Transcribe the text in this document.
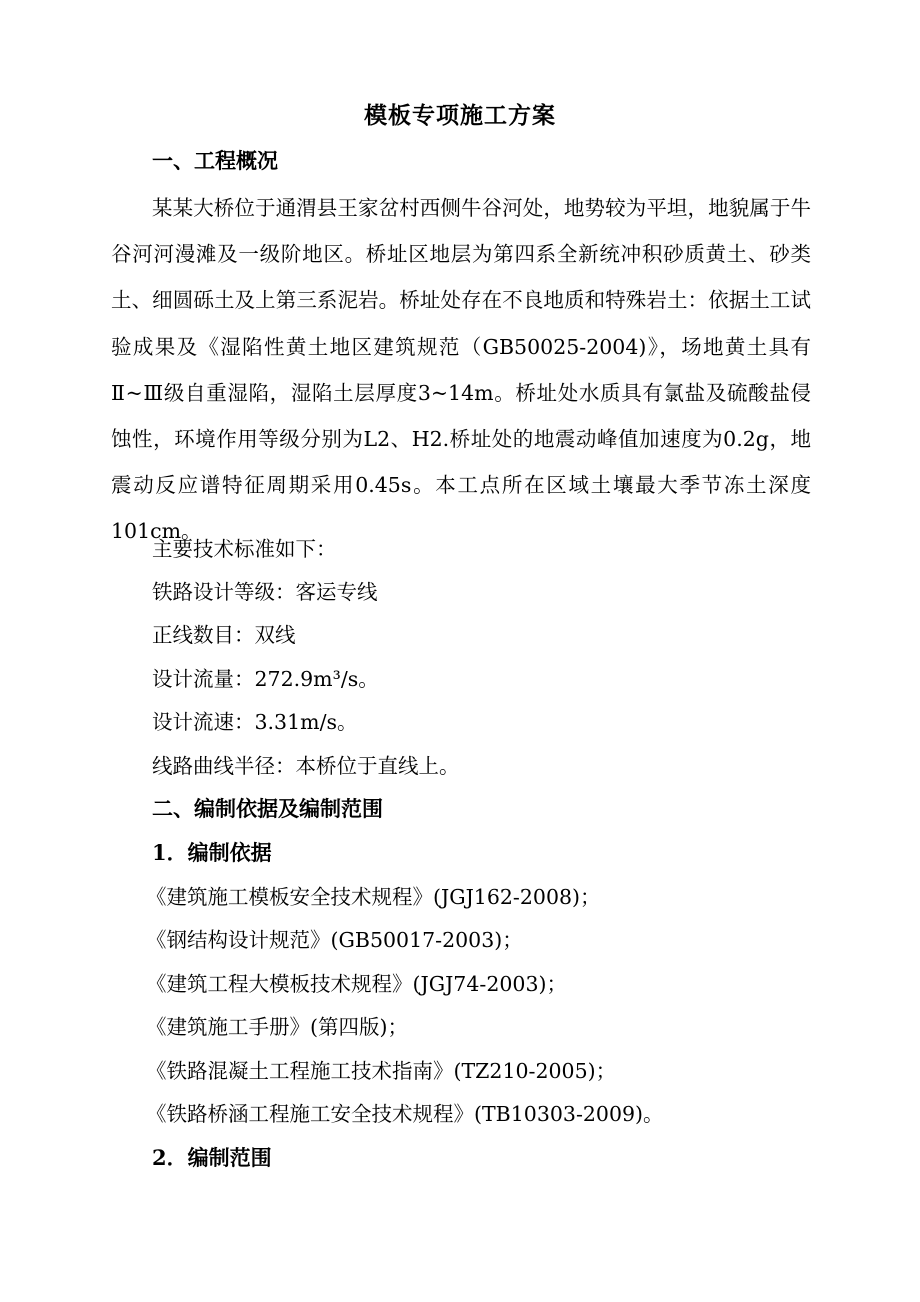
模板专项施工方案
一、工程概况
某某大桥位于通渭县王家岔村西侧牛谷河处，地势较为平坦，地貌属于牛谷河河漫滩及一级阶地区。桥址区地层为第四系全新统冲积砂质黄土、砂类土、细圆砾土及上第三系泥岩。桥址处存在不良地质和特殊岩土：依据土工试验成果及《湿陷性黄土地区建筑规范（GB50025-2004)》，场地黄土具有Ⅱ~Ⅲ级自重湿陷，湿陷土层厚度3~14m。桥址处水质具有氯盐及硫酸盐侵蚀性，环境作用等级分别为L2、H2.桥址处的地震动峰值加速度为0.2g，地震动反应谱特征周期采用0.45s。本工点所在区域土壤最大季节冻土深度101cm。
主要技术标准如下：
铁路设计等级：客运专线
正线数目：双线
设计流量：272.9m³/s。
设计流速：3.31m/s。
线路曲线半径：本桥位于直线上。
二、编制依据及编制范围
1．编制依据
《建筑施工模板安全技术规程》(JGJ162-2008)；
《钢结构设计规范》(GB50017-2003)；
《建筑工程大模板技术规程》(JGJ74-2003)；
《建筑施工手册》(第四版)；
《铁路混凝土工程施工技术指南》(TZ210-2005)；
《铁路桥涵工程施工安全技术规程》(TB10303-2009)。
2．编制范围
